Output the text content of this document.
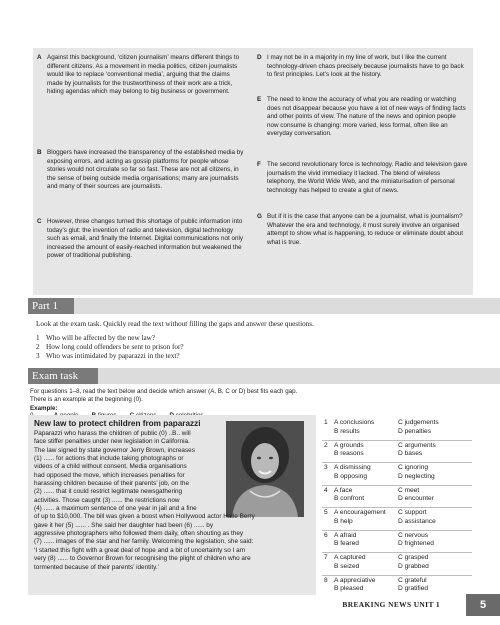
A Against this background, ‘citizen journalism’ means different things to different citizens. As a movement in media politics, citizen journalists would like to replace ‘conventional media’, arguing that the claims made by journalists for the trustworthiness of their work are a trick, hiding agendas which may belong to big business or government.
B Bloggers have increased the transparency of the established media by exposing errors, and acting as gossip platforms for people whose stories would not circulate so far so fast. These are not all citizens, in the sense of being outside media organisations; many are journalists and many of their sources are journalists.
C However, three changes turned this shortage of public information into today’s glut: the invention of radio and television, digital technology such as email, and finally the Internet. Digital communications not only increased the amount of easily-reached information but weakened the power of traditional publishing.
D I may not be in a majority in my line of work, but I like the current technology-driven chaos precisely because journalists have to go back to first principles. Let’s look at the history.
E The need to know the accuracy of what you are reading or watching does not disappear because you have a lot of new ways of finding facts and other points of view. The nature of the news and opinion people now consume is changing: more varied, less formal, often like an everyday conversation.
F The second revolutionary force is technology. Radio and television gave journalism the vivid immediacy it lacked. The blend of wireless telephony, the World Wide Web, and the miniaturisation of personal technology has helped to create a glut of news.
G But if it is the case that anyone can be a journalist, what is journalism? Whatever the era and technology, it must surely involve an organised attempt to show what is happening, to reduce or eliminate doubt about what is true.
Part 1
Look at the exam task. Quickly read the text without filling the gaps and answer these questions.
1 Who will be affected by the new law?
2 How long could offenders be sent to prison for?
3 Who was intimidated by paparazzi in the text?
Exam task
For questions 1–8, read the text below and decide which answer (A, B, C or D) best fits each gap.
There is an example at the beginning (0).
Example:

New law to protect children from paparazzi
Paparazzi who harass the children of public (0) ..B.. will
face stiffer penalties under new legislation in California.
The law signed by state governor Jerry Brown, increases
(1) ...... for actions that include taking photographs or
videos of a child without consent. Media organisations
had opposed the move, which increases penalties for
harassing children because of their parents’ job, on the
(2) ...... that it could restrict legitimate newsgathering
activities. Those caught (3) ...... the restrictions now
(4) ...... a maximum sentence of one year in jail and a fine
of up to $10,000. The bill was given a boost when Hollywood actor Halle Berry
gave it her (5) ...... . She said her daughter had been (6) ...... by
aggressive photographers who followed them daily, often shouting as they
(7) ...... images of the star and her family. Welcoming the legislation, she said:
‘I started this fight with a great deal of hope and a bit of uncertainty so I am
very (8) ...... to Governor Brown for recognising the plight of children who are
tormented because of their parents’ identity.’
1 A conclusions
B results
C judgements
D penalties
2 A grounds
B reasons
C arguments
D bases
3 A dismissing
B opposing
C ignoring
D neglecting
4 A face
B confront
C meet
D encounter
5 A encouragement
B help
C support
D assistance
6 A afraid
B feared
C nervous
D frightened
7 A captured
B seized
C grasped
D grabbed
8 A appreciative
B pleased
C grateful
D gratified
BREAKING NEWS UNIT 1	5
